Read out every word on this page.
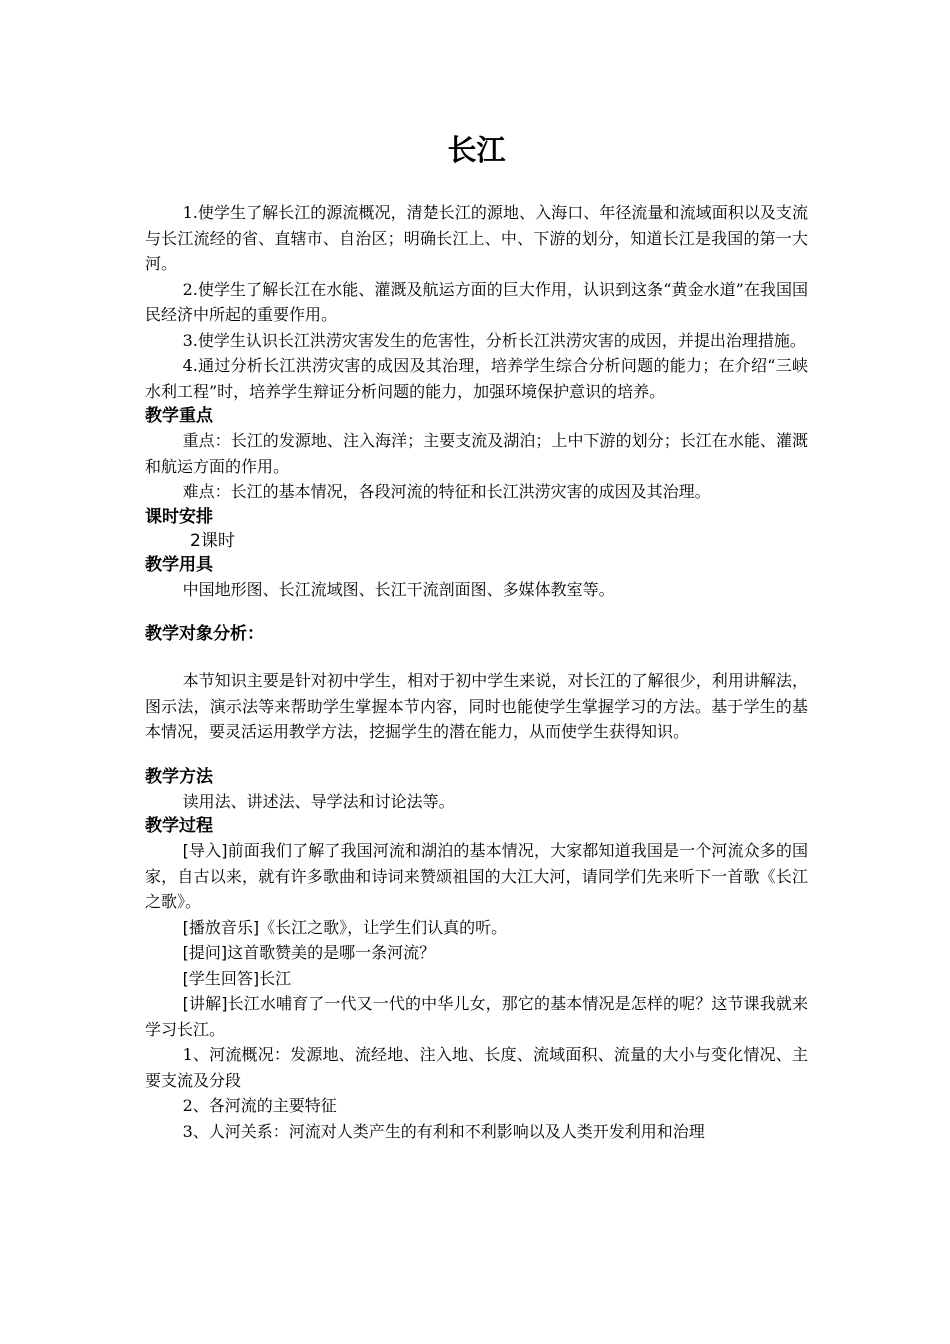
长江

1.使学生了解长江的源流概况，清楚长江的源地、入海口、年径流量和流域面积以及支流与长江流经的省、直辖市、自治区；明确长江上、中、下游的划分，知道长江是我国的第一大河。

2.使学生了解长江在水能、灌溉及航运方面的巨大作用，认识到这条“黄金水道”在我国国民经济中所起的重要作用。

3.使学生认识长江洪涝灾害发生的危害性，分析长江洪涝灾害的成因，并提出治理措施。

4.通过分析长江洪涝灾害的成因及其治理，培养学生综合分析问题的能力；在介绍“三峡水利工程”时，培养学生辩证分析问题的能力，加强环境保护意识的培养。

教学重点

重点：长江的发源地、注入海洋；主要支流及湖泊；上中下游的划分；长江在水能、灌溉和航运方面的作用。

难点：长江的基本情况，各段河流的特征和长江洪涝灾害的成因及其治理。

课时安排
2课时
教学用具

中国地形图、长江流域图、长江干流剖面图、多媒体教室等。

教学对象分析：

本节知识主要是针对初中学生，相对于初中学生来说，对长江的了解很少，利用讲解法，图示法，演示法等来帮助学生掌握本节内容，同时也能使学生掌握学习的方法。基于学生的基本情况，要灵活运用教学方法，挖掘学生的潜在能力，从而使学生获得知识。

教学方法

读用法、讲述法、导学法和讨论法等。

教学过程

[导入]前面我们了解了我国河流和湖泊的基本情况，大家都知道我国是一个河流众多的国家，自古以来，就有许多歌曲和诗词来赞颂祖国的大江大河，请同学们先来听下一首歌《长江之歌》。

[播放音乐]《长江之歌》，让学生们认真的听。

[提问]这首歌赞美的是哪一条河流？

[学生回答]长江

[讲解]长江水哺育了一代又一代的中华儿女，那它的基本情况是怎样的呢？这节课我就来学习长江。

1、河流概况：发源地、流经地、注入地、长度、流域面积、流量的大小与变化情况、主要支流及分段

2、各河流的主要特征

3、人河关系：河流对人类产生的有利和不利影响以及人类开发利用和治理
